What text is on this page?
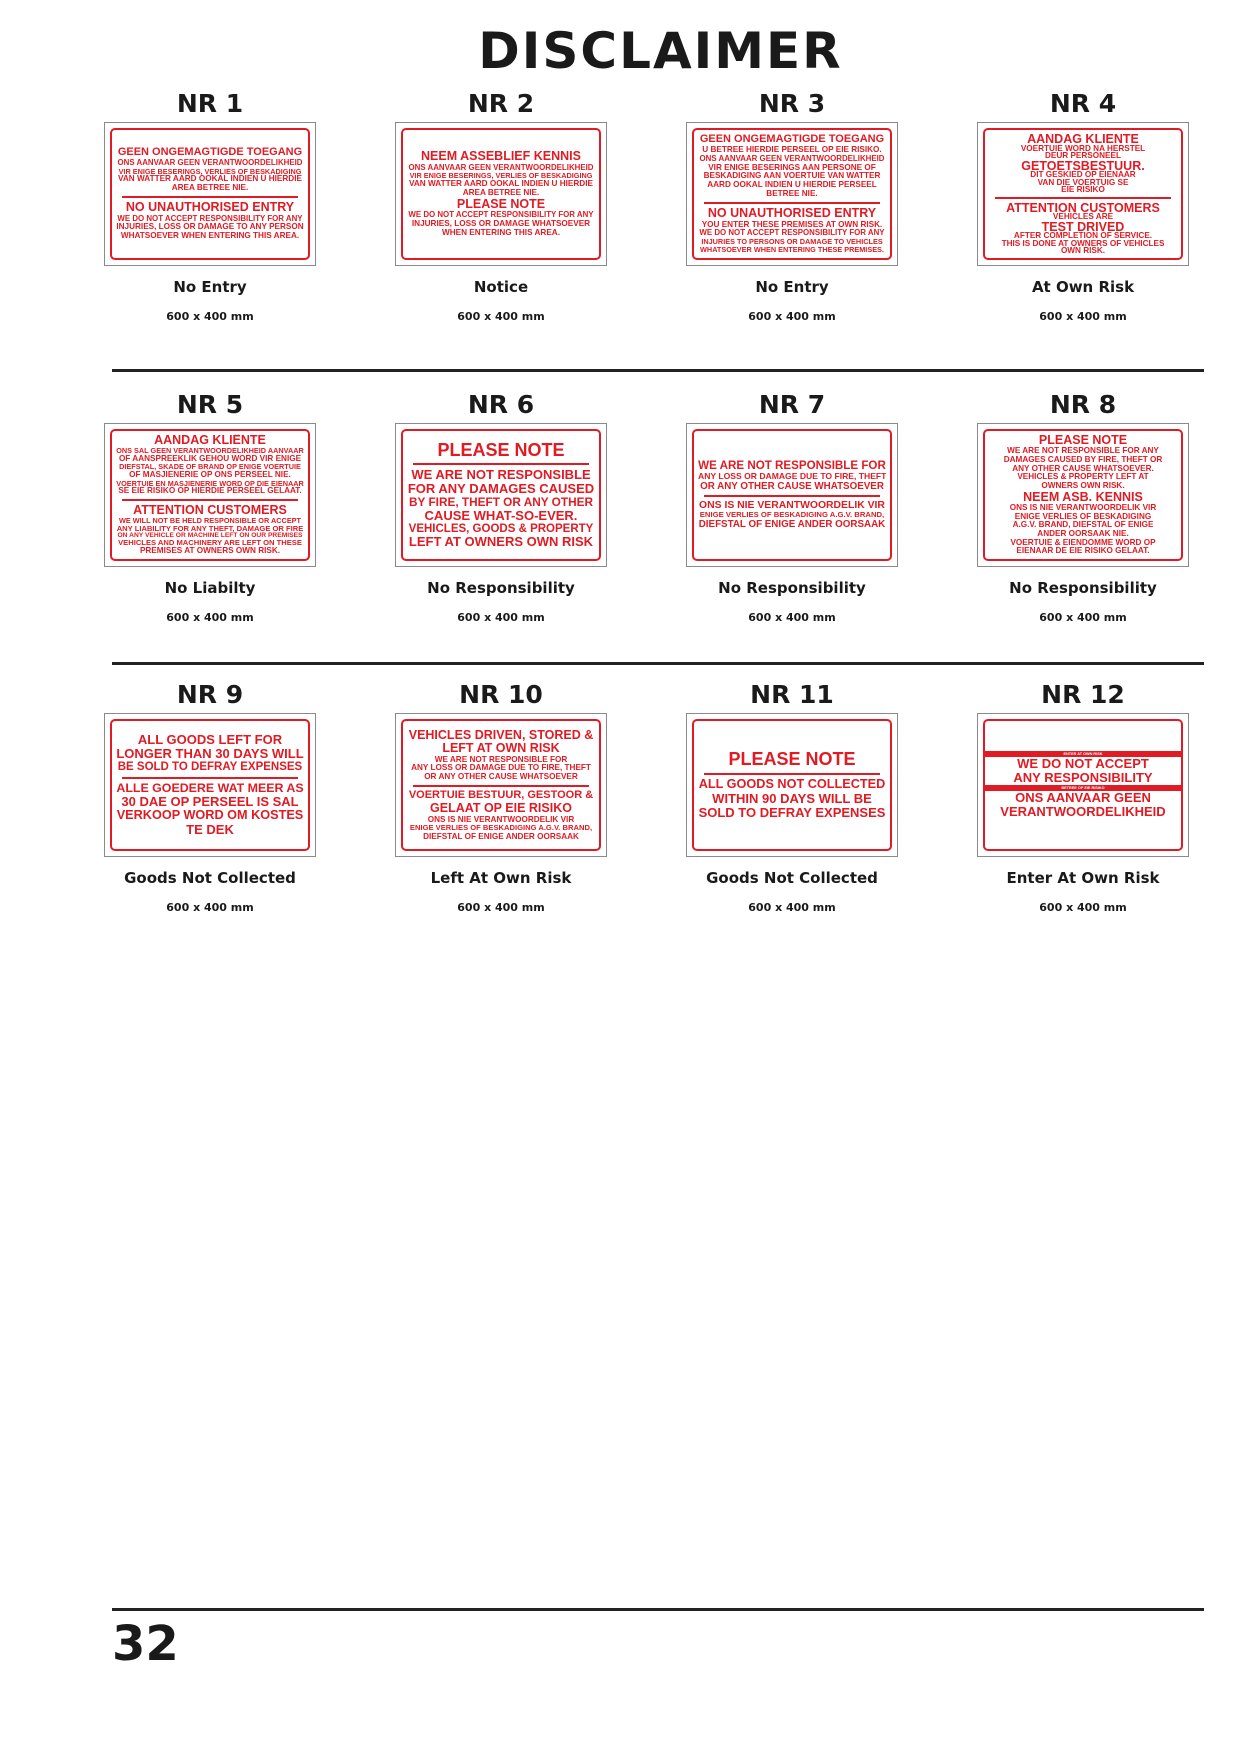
DISCLAIMER
NR 1
GEEN ONGEMAGTIGDE TOEGANG
ONS AANVAAR GEEN VERANTWOORDELIKHEID
VIR ENIGE BESERINGS, VERLIES OF BESKADIGING
VAN WATTER AARD OOKAL INDIEN U HIERDIE
AREA BETREE NIE.
NO UNAUTHORISED ENTRY
WE DO NOT ACCEPT RESPONSIBILITY FOR ANY
INJURIES, LOSS OR DAMAGE TO ANY PERSON
WHATSOEVER WHEN ENTERING THIS AREA.
No Entry
600 x 400 mm
NR 2
NEEM ASSEBLIEF KENNIS
ONS AANVAAR GEEN VERANTWOORDELIKHEID
VIR ENIGE BESERINGS, VERLIES OF BESKADIGING
VAN WATTER AARD OOKAL INDIEN U HIERDIE
AREA BETREE NIE.
PLEASE NOTE
WE DO NOT ACCEPT RESPONSIBILITY FOR ANY
INJURIES, LOSS OR DAMAGE WHATSOEVER
WHEN ENTERING THIS AREA.
Notice
600 x 400 mm
NR 3
GEEN ONGEMAGTIGDE TOEGANG
U BETREE HIERDIE PERSEEL OP EIE RISIKO.
ONS AANVAAR GEEN VERANTWOORDELIKHEID
VIR ENIGE BESERINGS AAN PERSONE OF
BESKADIGING AAN VOERTUIE VAN WATTER
AARD OOKAL INDIEN U HIERDIE PERSEEL
BETREE NIE.
NO UNAUTHORISED ENTRY
YOU ENTER THESE PREMISES AT OWN RISK.
WE DO NOT ACCEPT RESPONSIBILITY FOR ANY
INJURIES TO PERSONS OR DAMAGE TO VEHICLES
WHATSOEVER WHEN ENTERING THESE PREMISES.
No Entry
600 x 400 mm
NR 4
AANDAG KLIENTE
VOERTUIE WORD NA HERSTEL
DEUR PERSONEEL
GETOETSBESTUUR.
DIT GESKIED OP EIENAAR
VAN DIE VOERTUIG SE
EIE RISIKO
ATTENTION CUSTOMERS
VEHICLES ARE
TEST DRIVED
AFTER COMPLETION OF SERVICE.
THIS IS DONE AT OWNERS OF VEHICLES
OWN RISK.
At Own Risk
600 x 400 mm
NR 5
AANDAG KLIËNTE
ONS SAL GEEN VERANTWOORDELIKHEID AANVAAR
OF AANSPREEKLIK GEHOU WORD VIR ENIGE
DIEFSTAL, SKADE OF BRAND OP ENIGE VOERTUIE
OF MASJIENERIE OP ONS PERSEEL NIE.
VOERTUIE EN MASJIENERIE WORD OP DIE EIENAAR
SE EIE RISIKO OP HIERDIE PERSEEL GELAAT.
ATTENTION CUSTOMERS
WE WILL NOT BE HELD RESPONSIBLE OR ACCEPT
ANY LIABILITY FOR ANY THEFT, DAMAGE OR FIRE
ON ANY VEHICLE OR MACHINE LEFT ON OUR PREMISES
VEHICLES AND MACHINERY ARE LEFT ON THESE
PREMISES AT OWNERS OWN RISK.
No Liabilty
600 x 400 mm
NR 6
PLEASE NOTE
WE ARE NOT RESPONSIBLE
FOR ANY DAMAGES CAUSED
BY FIRE, THEFT OR ANY OTHER
CAUSE WHAT-SO-EVER.
VEHICLES, GOODS & PROPERTY
LEFT AT OWNERS OWN RISK
No Responsibility
600 x 400 mm
NR 7
WE ARE NOT RESPONSIBLE FOR
ANY LOSS OR DAMAGE DUE TO FIRE, THEFT
OR ANY OTHER CAUSE WHATSOEVER
ONS IS NIE VERANTWOORDELIK VIR
ENIGE VERLIES OF BESKADIGING A.G.V. BRAND,
DIEFSTAL OF ENIGE ANDER OORSAAK
No Responsibility
600 x 400 mm
NR 8
PLEASE NOTE
WE ARE NOT RESPONSIBLE FOR ANY
DAMAGES CAUSED BY FIRE, THEFT OR
ANY OTHER CAUSE WHATSOEVER.
VEHICLES & PROPERTY LEFT AT
OWNERS OWN RISK.
NEEM ASB. KENNIS
ONS IS NIE VERANTWOORDELIK VIR
ENIGE VERLIES OF BESKADIGING
A.G.V. BRAND, DIEFSTAL OF ENIGE
ANDER OORSAAK NIE.
VOERTUIE & EIENDOMME WORD OP
EIENAAR DE EIE RISIKO GELAAT.
No Responsibility
600 x 400 mm
NR 9
ALL GOODS LEFT FOR
LONGER THAN 30 DAYS WILL
BE SOLD TO DEFRAY EXPENSES
ALLE GOEDERE WAT MEER AS
30 DAE OP PERSEEL IS SAL
VERKOOP WORD OM KOSTES
TE DEK
Goods Not Collected
600 x 400 mm
NR 10
VEHICLES DRIVEN, STORED &
LEFT AT OWN RISK
WE ARE NOT RESPONSIBLE FOR
ANY LOSS OR DAMAGE DUE TO FIRE, THEFT
OR ANY OTHER CAUSE WHATSOEVER
VOERTUIE BESTUUR, GESTOOR &
GELAAT OP EIE RISIKO
ONS IS NIE VERANTWOORDELIK VIR
ENIGE VERLIES OF BESKADIGING A.G.V. BRAND,
DIEFSTAL OF ENIGE ANDER OORSAAK
Left At Own Risk
600 x 400 mm
NR 11
PLEASE NOTE
ALL GOODS NOT COLLECTED
WITHIN 90 DAYS WILL BE
SOLD TO DEFRAY EXPENSES
Goods Not Collected
600 x 400 mm
NR 12
ENTER AT OWN RISK
WE DO NOT ACCEPT
ANY RESPONSIBILITY
BETREE OP EIE RISIKO
ONS AANVAAR GEEN
VERANTWOORDELIKHEID
Enter At Own Risk
600 x 400 mm
32
